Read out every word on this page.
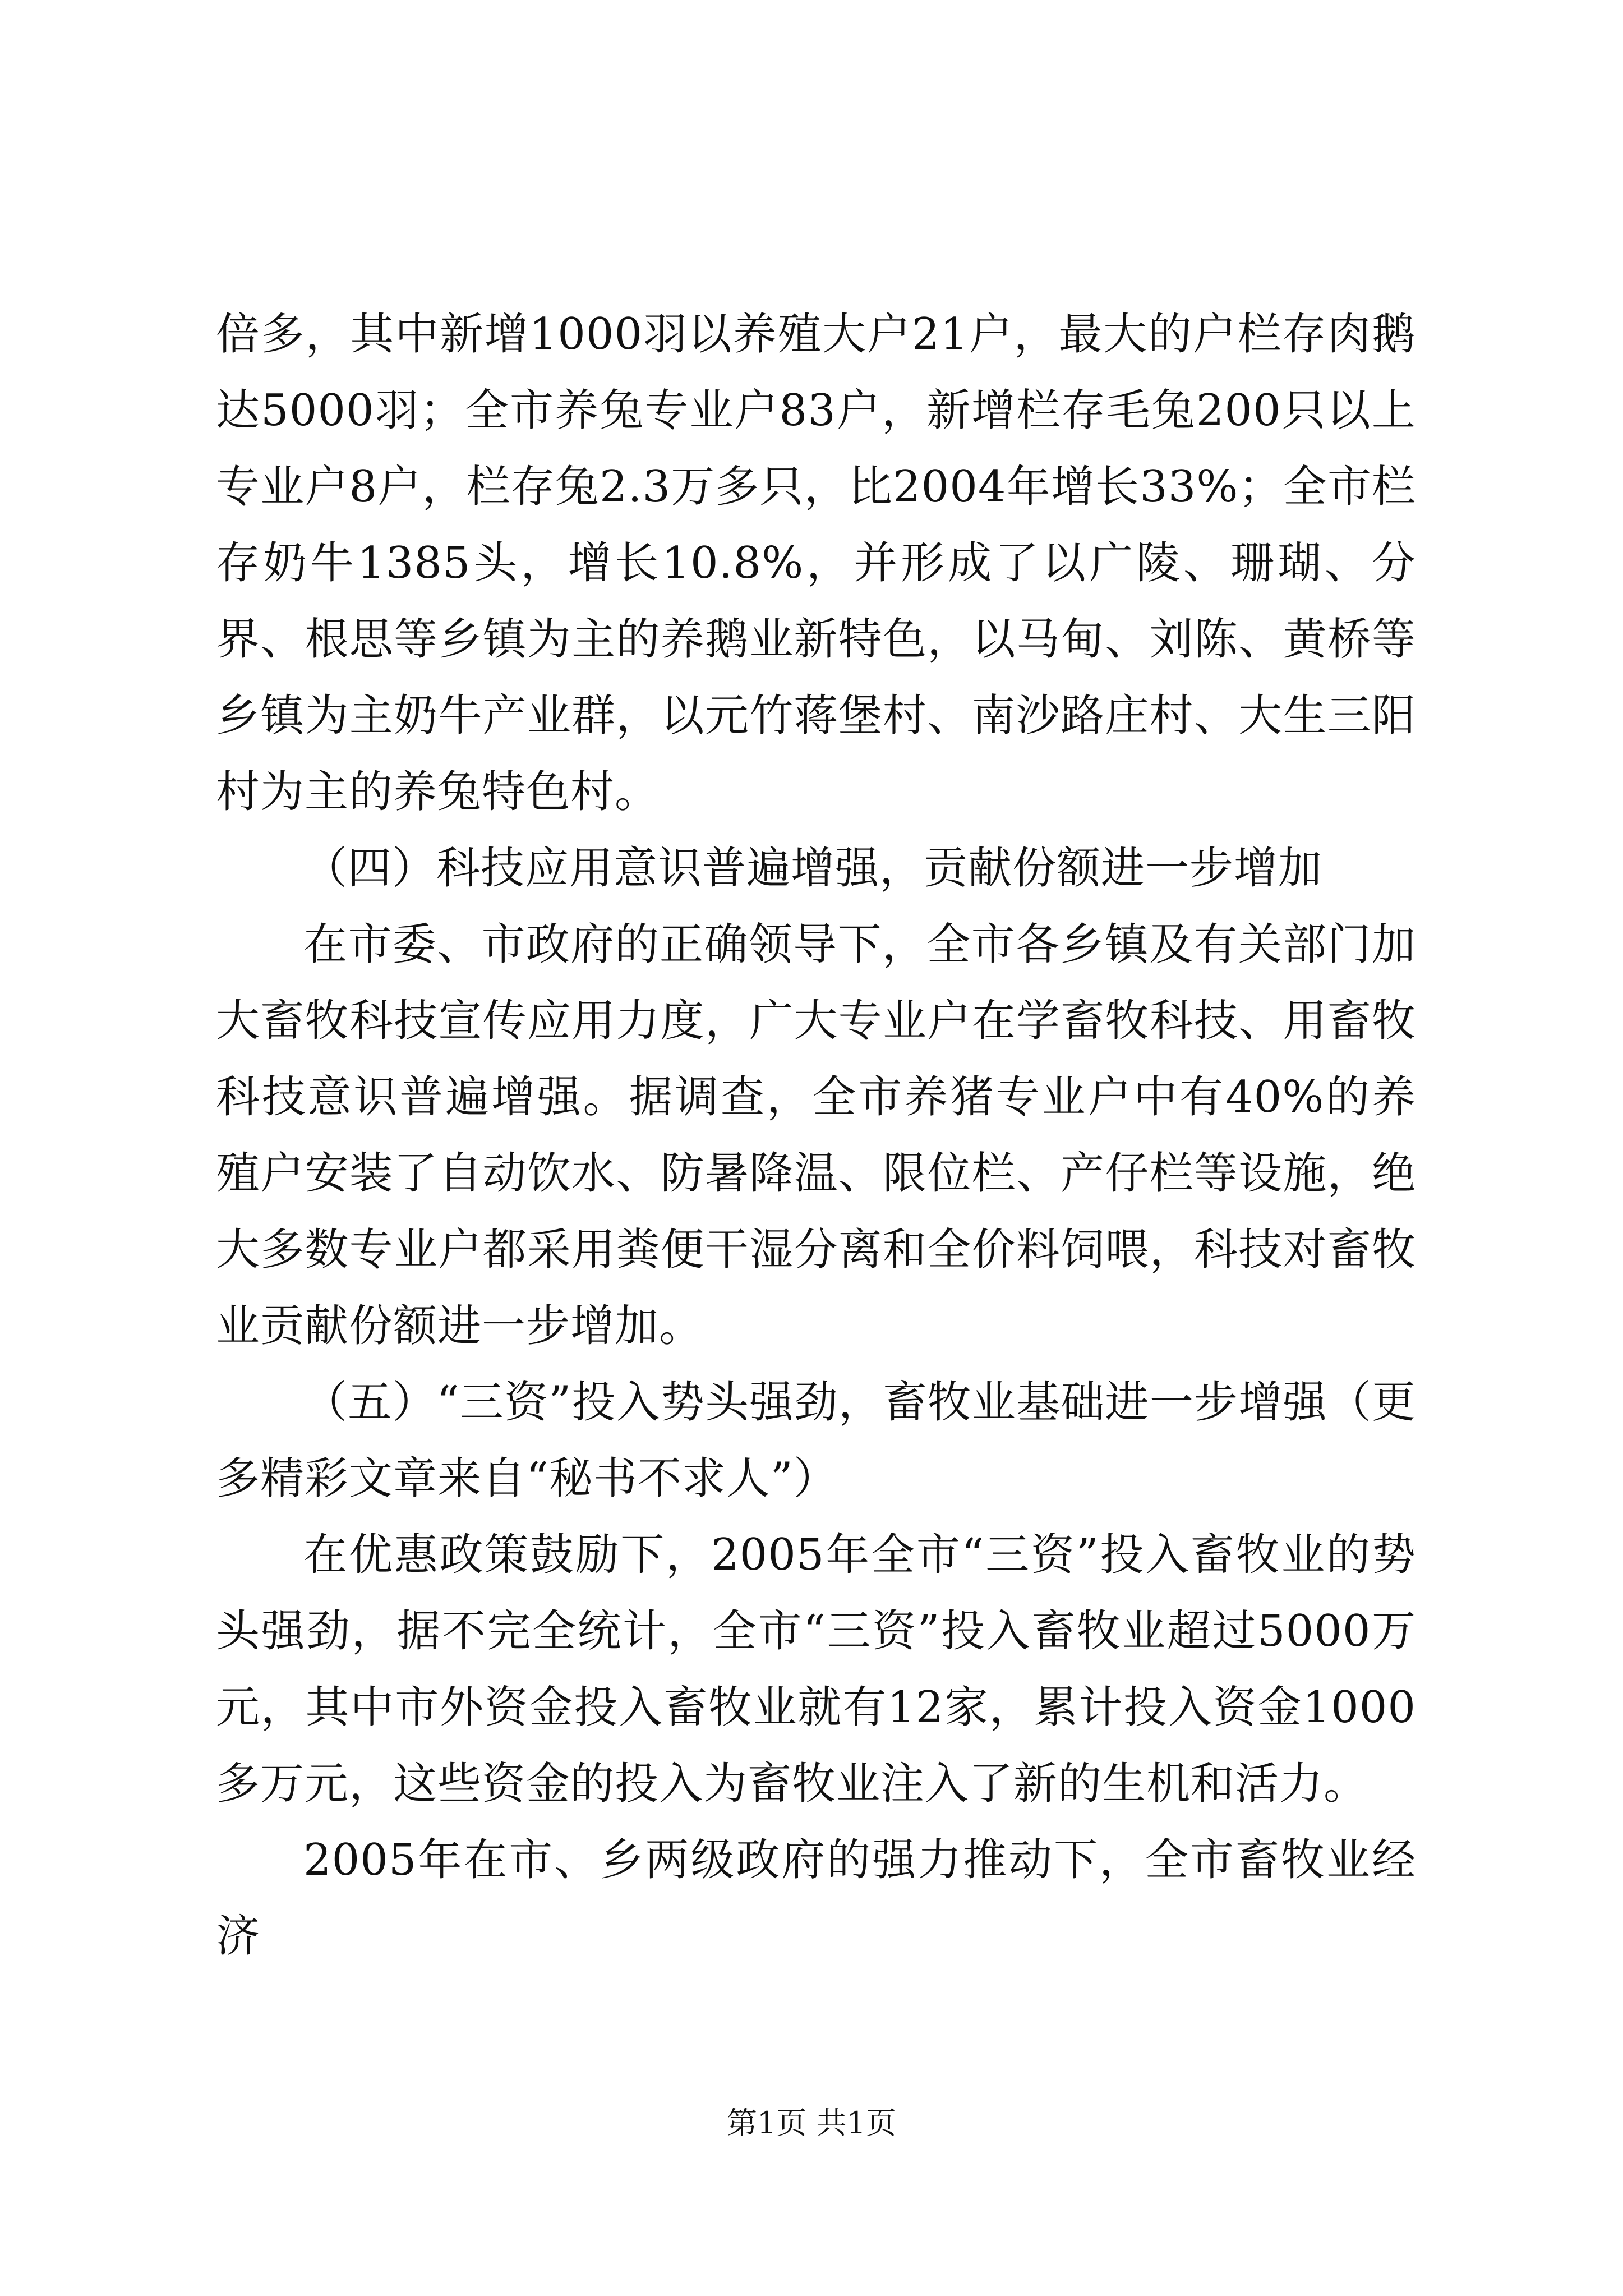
倍多，其中新增1000羽以养殖大户21户，最大的户栏存肉鹅达5000羽；全市养兔专业户83户，新增栏存毛兔200只以上专业户8户，栏存兔2.3万多只，比2004年增长33%；全市栏存奶牛1385头，增长10.8%，并形成了以广陵、珊瑚、分界、根思等乡镇为主的养鹅业新特色，以马甸、刘陈、黄桥等乡镇为主奶牛产业群，以元竹蒋堡村、南沙路庄村、大生三阳村为主的养兔特色村。

（四）科技应用意识普遍增强，贡献份额进一步增加

在市委、市政府的正确领导下，全市各乡镇及有关部门加大畜牧科技宣传应用力度，广大专业户在学畜牧科技、用畜牧科技意识普遍增强。据调查，全市养猪专业户中有40%的养殖户安装了自动饮水、防暑降温、限位栏、产仔栏等设施，绝大多数专业户都采用粪便干湿分离和全价料饲喂，科技对畜牧业贡献份额进一步增加。

（五）“三资”投入势头强劲，畜牧业基础进一步增强（更多精彩文章来自“秘书不求人”）

在优惠政策鼓励下，2005年全市“三资”投入畜牧业的势头强劲，据不完全统计，全市“三资”投入畜牧业超过5000万元，其中市外资金投入畜牧业就有12家，累计投入资金1000多万元，这些资金的投入为畜牧业注入了新的生机和活力。

2005年在市、乡两级政府的强力推动下，全市畜牧业经济

第1页 共1页
